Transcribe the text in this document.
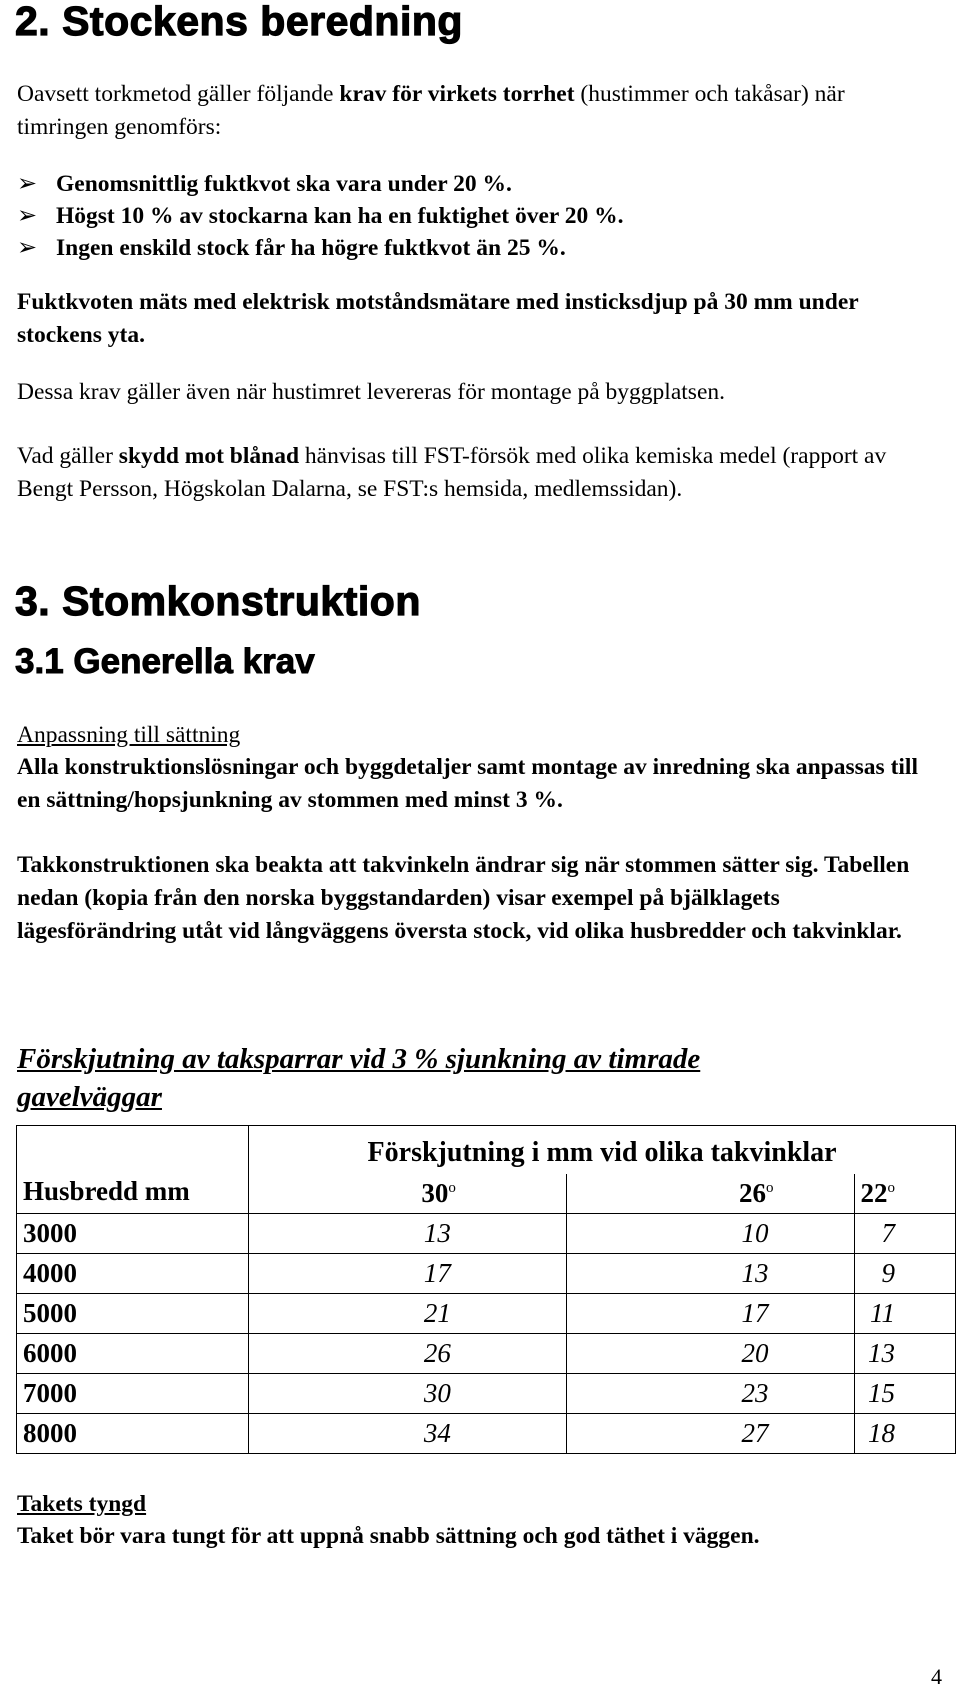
2. Stockens beredning

Oavsett torkmetod gäller följande krav för virkets torrhet (hustimmer och takåsar) när timringen genomförs:

➢ Genomsnittlig fuktkvot ska vara under 20 %.
➢ Högst 10 % av stockarna kan ha en fuktighet över 20 %.
➢ Ingen enskild stock får ha högre fuktkvot än 25 %.

Fuktkvoten mäts med elektrisk motståndsmätare med insticksdjup på 30 mm under stockens yta.

Dessa krav gäller även när hustimret levereras för montage på byggplatsen.

Vad gäller skydd mot blånad hänvisas till FST-försök med olika kemiska medel (rapport av Bengt Persson, Högskolan Dalarna, se FST:s hemsida, medlemssidan).

3. Stomkonstruktion
3.1 Generella krav

Anpassning till sättning

Alla konstruktionslösningar och byggdetaljer samt montage av inredning ska anpassas till en sättning/hopsjunkning av stommen med minst 3 %.

Takkonstruktionen ska beakta att takvinkeln ändrar sig när stommen sätter sig. Tabellen nedan (kopia från den norska byggstandarden) visar exempel på bjälklagets lägesförändring utåt vid långväggens översta stock, vid olika husbredder och takvinklar.

Förskjutning av taksparrar vid 3 % sjunkning av timrade gavelväggar

Husbredd mm	Förskjutning i mm vid olika takvinklar		
	30$^o$	26$^o$	22$^o$
3000	13	10	7
4000	17	13	9
5000	21	17	11
6000	26	20	13
7000	30	23	15
8000	34	27	18

Takets tyngd

Taket bör vara tungt för att uppnå snabb sättning och god täthet i väggen.

4
